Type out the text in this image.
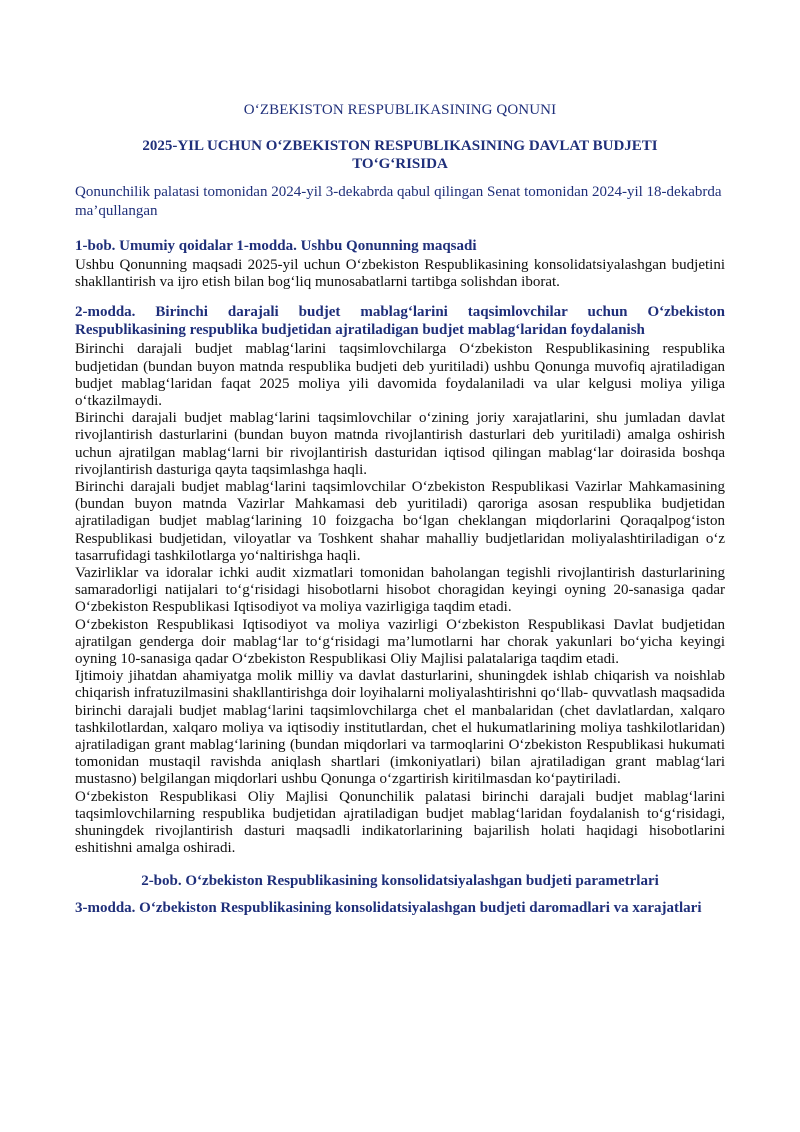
O‘ZBEKISTON RESPUBLIKASINING QONUNI

2025-YIL UCHUN O‘ZBEKISTON RESPUBLIKASINING DAVLAT BUDJETI TO‘G‘RISIDA

Qonunchilik palatasi tomonidan 2024-yil 3-dekabrda qabul qilingan Senat tomonidan 2024-yil 18-dekabrda ma’qullangan

1-bob. Umumiy qoidalar 1-modda. Ushbu Qonunning maqsadi

Ushbu Qonunning maqsadi 2025-yil uchun O‘zbekiston Respublikasining konsolidatsiyalashgan budjetini shakllantirish va ijro etish bilan bog‘liq munosabatlarni tartibga solishdan iborat.

2-modda. Birinchi darajali budjet mablag‘larini taqsimlovchilar uchun O‘zbekiston Respublikasining respublika budjetidan ajratiladigan budjet mablag‘laridan foydalanish

Birinchi darajali budjet mablag‘larini taqsimlovchilarga O‘zbekiston Respublikasining respublika budjetidan (bundan buyon matnda respublika budjeti deb yuritiladi) ushbu Qonunga muvofiq ajratiladigan budjet mablag‘laridan faqat 2025 moliya yili davomida foydalaniladi va ular kelgusi moliya yiliga o‘tkazilmaydi.

Birinchi darajali budjet mablag‘larini taqsimlovchilar o‘zining joriy xarajatlarini, shu jumladan davlat rivojlantirish dasturlarini (bundan buyon matnda rivojlantirish dasturlari deb yuritiladi) amalga oshirish uchun ajratilgan mablag‘larni bir rivojlantirish dasturidan iqtisod qilingan mablag‘lar doirasida boshqa rivojlantirish dasturiga qayta taqsimlashga haqli.

Birinchi darajali budjet mablag‘larini taqsimlovchilar O‘zbekiston Respublikasi Vazirlar Mahkamasining (bundan buyon matnda Vazirlar Mahkamasi deb yuritiladi) qaroriga asosan respublika budjetidan ajratiladigan budjet mablag‘larining 10 foizgacha bo‘lgan cheklangan miqdorlarini Qoraqalpog‘iston Respublikasi budjetidan, viloyatlar va Toshkent shahar mahalliy budjetlaridan moliyalashtiriladigan o‘z tasarrufidagi tashkilotlarga yo‘naltirishga haqli.

Vazirliklar va idoralar ichki audit xizmatlari tomonidan baholangan tegishli rivojlantirish dasturlarining samaradorligi natijalari to‘g‘risidagi hisobotlarni hisobot choragidan keyingi oyning 20-sanasiga qadar O‘zbekiston Respublikasi Iqtisodiyot va moliya vazirligiga taqdim etadi.

O‘zbekiston Respublikasi Iqtisodiyot va moliya vazirligi O‘zbekiston Respublikasi Davlat budjetidan ajratilgan genderga doir mablag‘lar to‘g‘risidagi ma’lumotlarni har chorak yakunlari bo‘yicha keyingi oyning 10-sanasiga qadar O‘zbekiston Respublikasi Oliy Majlisi palatalariga taqdim etadi.

Ijtimoiy jihatdan ahamiyatga molik milliy va davlat dasturlarini, shuningdek ishlab chiqarish va noishlab chiqarish infratuzilmasini shakllantirishga doir loyihalarni moliyalashtirishni qo‘llab- quvvatlash maqsadida birinchi darajali budjet mablag‘larini taqsimlovchilarga chet el manbalaridan (chet davlatlardan, xalqaro tashkilotlardan, xalqaro moliya va iqtisodiy institutlardan, chet el hukumatlarining moliya tashkilotlaridan) ajratiladigan grant mablag‘larining (bundan miqdorlari va tarmoqlarini O‘zbekiston Respublikasi hukumati tomonidan mustaqil ravishda aniqlash shartlari (imkoniyatlari) bilan ajratiladigan grant mablag‘lari mustasno) belgilangan miqdorlari ushbu Qonunga o‘zgartirish kiritilmasdan ko‘paytiriladi.

O‘zbekiston Respublikasi Oliy Majlisi Qonunchilik palatasi birinchi darajali budjet mablag‘larini taqsimlovchilarning respublika budjetidan ajratiladigan budjet mablag‘laridan foydalanish to‘g‘risidagi, shuningdek rivojlantirish dasturi maqsadli indikatorlarining bajarilish holati haqidagi hisobotlarini eshitishni amalga oshiradi.

2-bob. O‘zbekiston Respublikasining konsolidatsiyalashgan budjeti parametrlari

3-modda. O‘zbekiston Respublikasining konsolidatsiyalashgan budjeti daromadlari va xarajatlari
